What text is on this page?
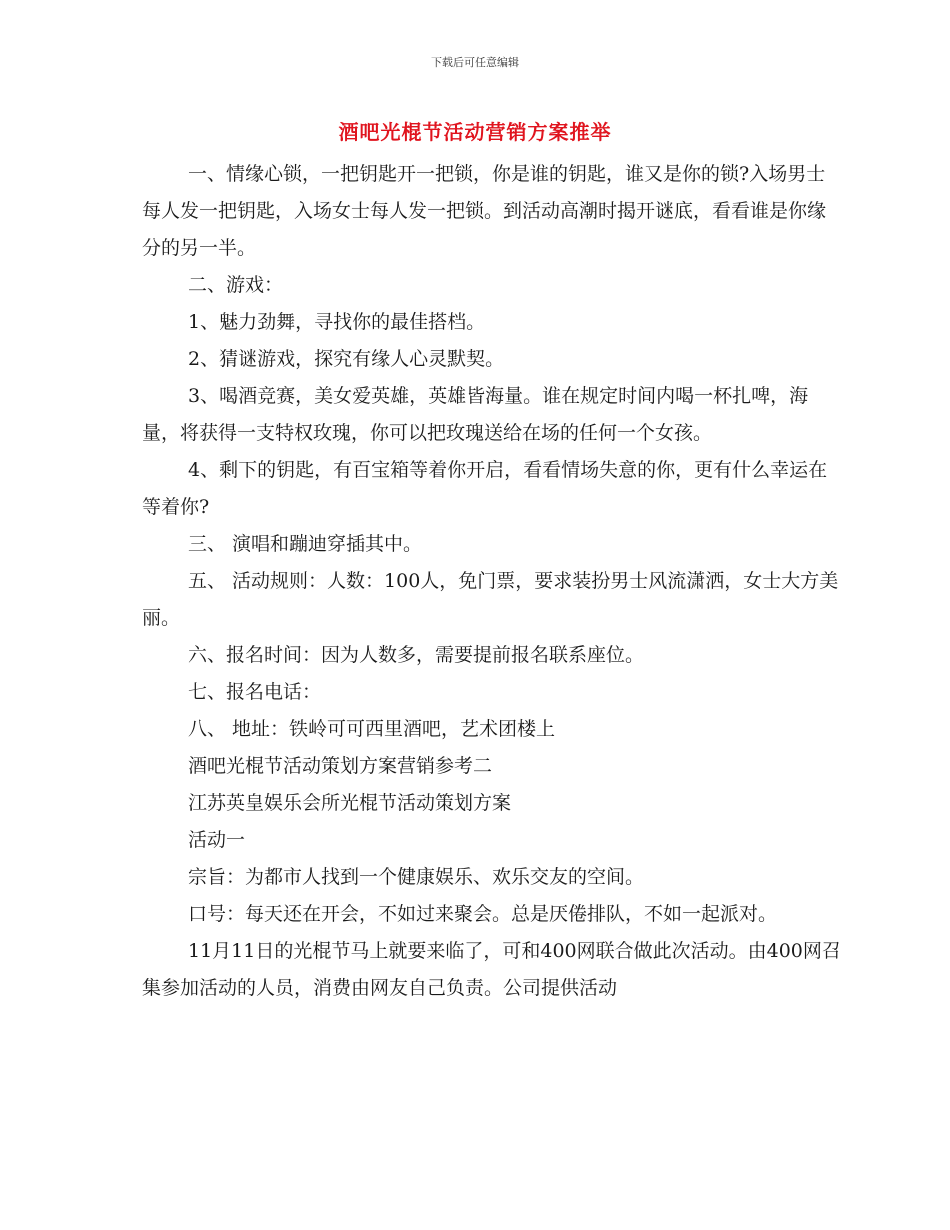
下载后可任意编辑
酒吧光棍节活动营销方案推举

一、情缘心锁，一把钥匙开一把锁，你是谁的钥匙，谁又是你的锁?入场男士每人发一把钥匙，入场女士每人发一把锁。到活动高潮时揭开谜底，看看谁是你缘分的另一半。

二、游戏：

1、魅力劲舞，寻找你的最佳搭档。

2、猜谜游戏，探究有缘人心灵默契。

3、喝酒竞赛，美女爱英雄，英雄皆海量。谁在规定时间内喝一杯扎啤，海量，将获得一支特权玫瑰，你可以把玫瑰送给在场的任何一个女孩。

4、剩下的钥匙，有百宝箱等着你开启，看看情场失意的你，更有什么幸运在等着你?

三、 演唱和蹦迪穿插其中。

五、 活动规则：人数：100人，免门票，要求装扮男士风流潇洒，女士大方美丽。

六、报名时间：因为人数多，需要提前报名联系座位。

七、报名电话：

八、 地址：铁岭可可西里酒吧，艺术团楼上

酒吧光棍节活动策划方案营销参考二

江苏英皇娱乐会所光棍节活动策划方案

活动一

宗旨：为都市人找到一个健康娱乐、欢乐交友的空间。

口号：每天还在开会，不如过来聚会。总是厌倦排队，不如一起派对。

11月11日的光棍节马上就要来临了，可和400网联合做此次活动。由400网召集参加活动的人员，消费由网友自己负责。公司提供活动
